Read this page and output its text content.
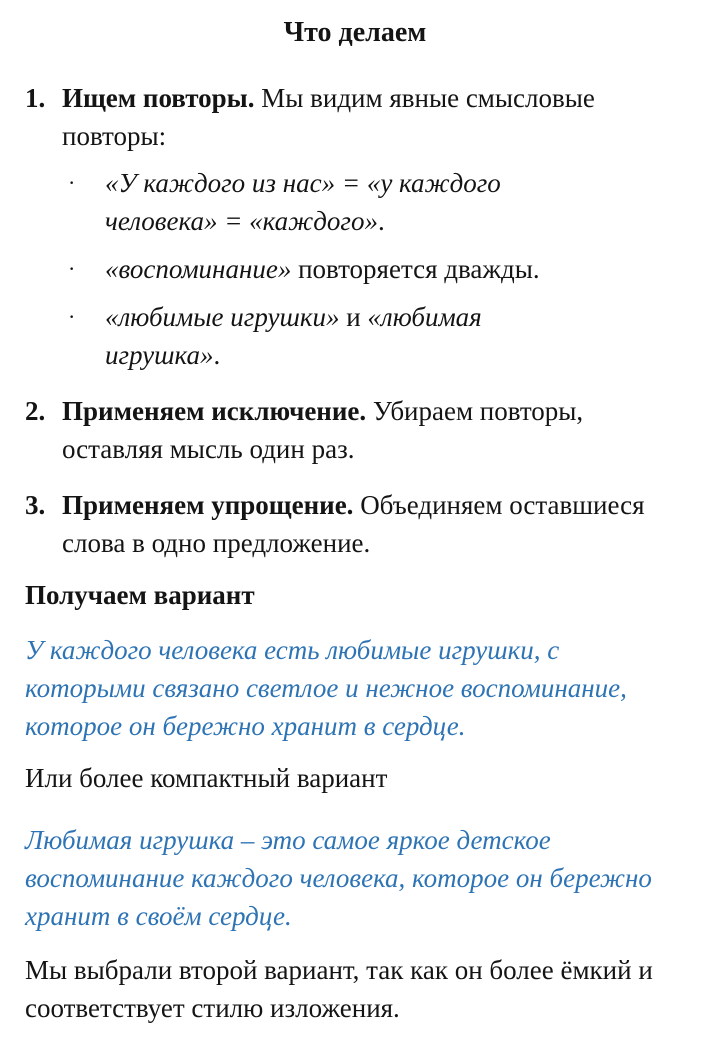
Что делаем
1. Ищем повторы. Мы видим явные смысловые повторы:

·	«У каждого из нас» = «у каждого человека» = «каждого».

·	«воспоминание» повторяется дважды.

·	«любимые игрушки» и «любимая игрушка».

2. Применяем исключение. Убираем повторы, оставляя мысль один раз.

3. Применяем упрощение. Объединяем оставшиеся слова в одно предложение.

Получаем вариант

У каждого человека есть любимые игрушки, с которыми связано светлое и нежное воспоминание, которое он бережно хранит в сердце.

Или более компактный вариант

Любимая игрушка – это самое яркое детское воспоминание каждого человека, которое он бережно хранит в своём сердце.

Мы выбрали второй вариант, так как он более ёмкий и соответствует стилю изложения.
